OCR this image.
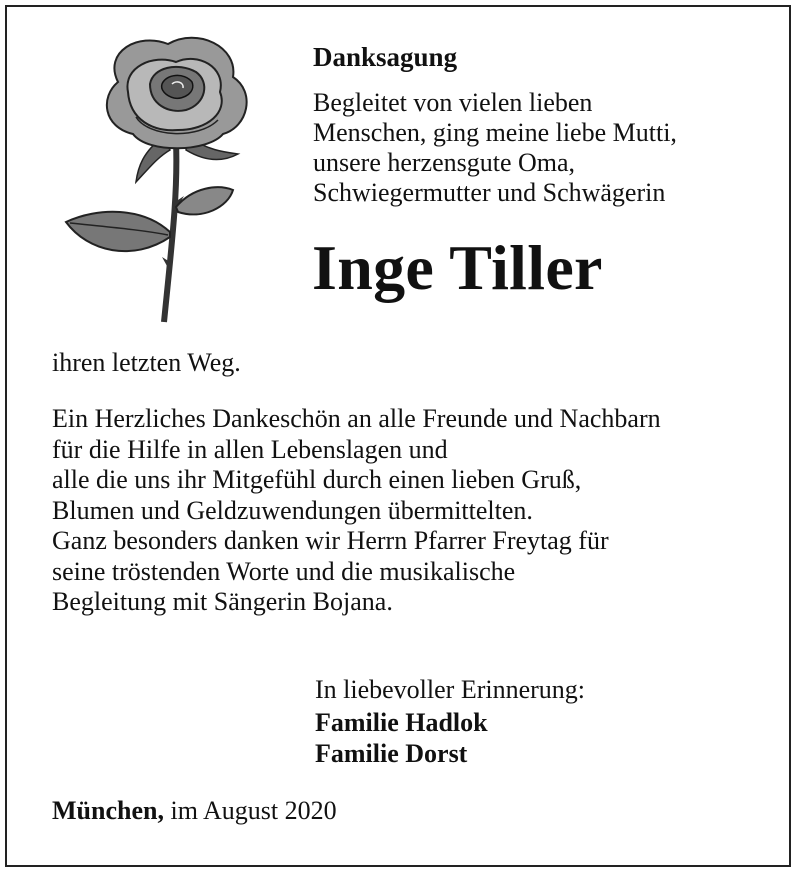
Danksagung
Begleitet von vielen lieben
Menschen, ging meine liebe Mutti,
unsere herzensgute Oma,
Schwiegermutter und Schwägerin
Inge Tiller
ihren letzten Weg.
Ein Herzliches Dankeschön an alle Freunde und Nachbarn
für die Hilfe in allen Lebenslagen und
alle die uns ihr Mitgefühl durch einen lieben Gruß,
Blumen und Geldzuwendungen übermittelten.
Ganz besonders danken wir Herrn Pfarrer Freytag für
seine tröstenden Worte und die musikalische
Begleitung mit Sängerin Bojana.
In liebevoller Erinnerung:
Familie Hadlok
Familie Dorst
München, im August 2020
